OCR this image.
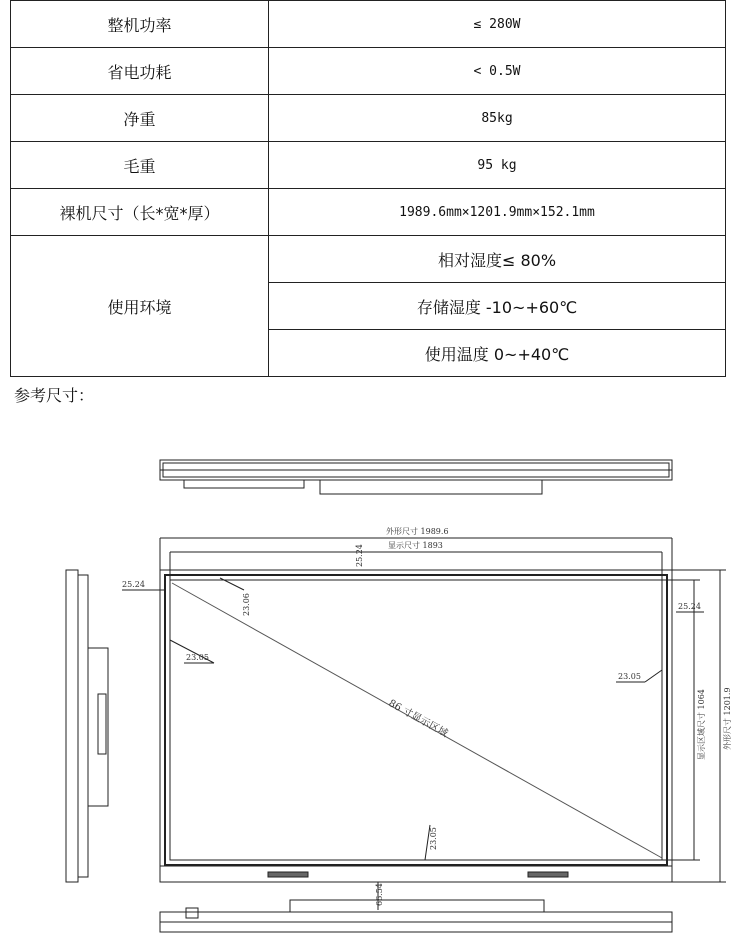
整机功率	≤ 280W
省电功耗	< 0.5W
净重	85kg
毛重	95 kg
裸机尺寸（长*宽*厚）	1989.6mm×1201.9mm×152.1mm
使用环境	相对湿度≤ 80%
	存储湿度 -10~+60℃
	使用温度 0~+40℃
参考尺寸：
外形尺寸 1989.6
显示尺寸 1893
25.24
25.24
25.24
23.06
23.05
23.05
23.05
86 寸显示区域	显示区域尺寸 1064 外形尺寸 1201.9
66.54
